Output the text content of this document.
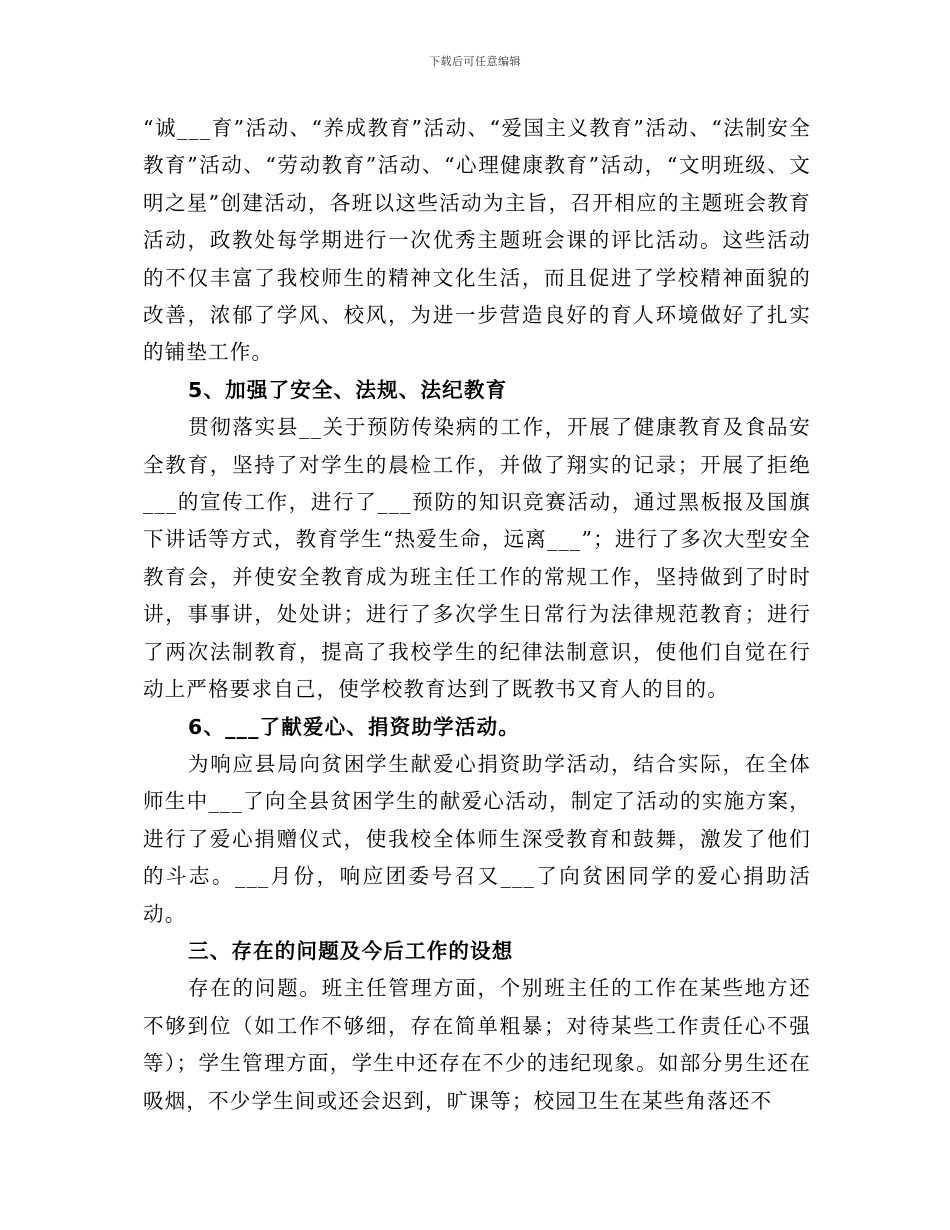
下载后可任意编辑

“诚___育”活动、“养成教育”活动、“爱国主义教育”活动、“法制安全教育”活动、“劳动教育”活动、“心理健康教育”活动，“文明班级、文明之星”创建活动，各班以这些活动为主旨，召开相应的主题班会教育活动，政教处每学期进行一次优秀主题班会课的评比活动。这些活动的不仅丰富了我校师生的精神文化生活，而且促进了学校精神面貌的改善，浓郁了学风、校风，为进一步营造良好的育人环境做好了扎实的铺垫工作。

5、加强了安全、法规、法纪教育

贯彻落实县__关于预防传染病的工作，开展了健康教育及食品安全教育，坚持了对学生的晨检工作，并做了翔实的记录；开展了拒绝___的宣传工作，进行了___预防的知识竞赛活动，通过黑板报及国旗下讲话等方式，教育学生“热爱生命，远离___”；进行了多次大型安全教育会，并使安全教育成为班主任工作的常规工作，坚持做到了时时讲，事事讲，处处讲；进行了多次学生日常行为法律规范教育；进行了两次法制教育，提高了我校学生的纪律法制意识，使他们自觉在行动上严格要求自己，使学校教育达到了既教书又育人的目的。

6、___了献爱心、捐资助学活动。

为响应县局向贫困学生献爱心捐资助学活动，结合实际，在全体师生中___了向全县贫困学生的献爱心活动，制定了活动的实施方案，进行了爱心捐赠仪式，使我校全体师生深受教育和鼓舞，激发了他们的斗志。___月份，响应团委号召又___了向贫困同学的爱心捐助活动。

三、存在的问题及今后工作的设想

存在的问题。班主任管理方面，个别班主任的工作在某些地方还不够到位（如工作不够细，存在简单粗暴；对待某些工作责任心不强等）；学生管理方面，学生中还存在不少的违纪现象。如部分男生还在吸烟，不少学生间或还会迟到，旷课等；校园卫生在某些角落还不
